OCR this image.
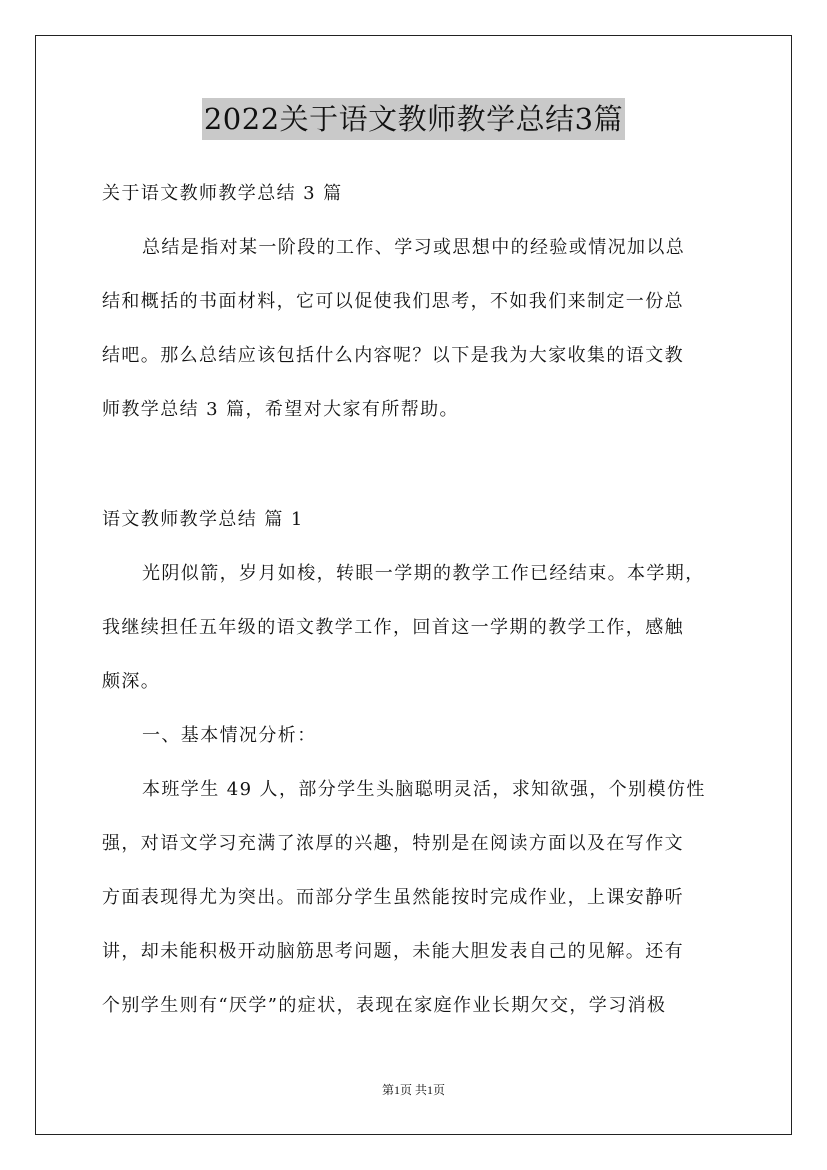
2022关于语文教师教学总结3篇
关于语文教师教学总结 3 篇
总结是指对某一阶段的工作、学习或思想中的经验或情况加以总
结和概括的书面材料，它可以促使我们思考，不如我们来制定一份总
结吧。那么总结应该包括什么内容呢？以下是我为大家收集的语文教
师教学总结 3 篇，希望对大家有所帮助。
语文教师教学总结 篇 1
光阴似箭，岁月如梭，转眼一学期的教学工作已经结束。本学期，
我继续担任五年级的语文教学工作，回首这一学期的教学工作，感触
颇深。
一、基本情况分析：
本班学生 49 人，部分学生头脑聪明灵活，求知欲强，个别模仿性
强，对语文学习充满了浓厚的兴趣，特别是在阅读方面以及在写作文
方面表现得尤为突出。而部分学生虽然能按时完成作业，上课安静听
讲，却未能积极开动脑筋思考问题，未能大胆发表自己的见解。还有
个别学生则有“厌学”的症状，表现在家庭作业长期欠交，学习消极
第1页 共1页
